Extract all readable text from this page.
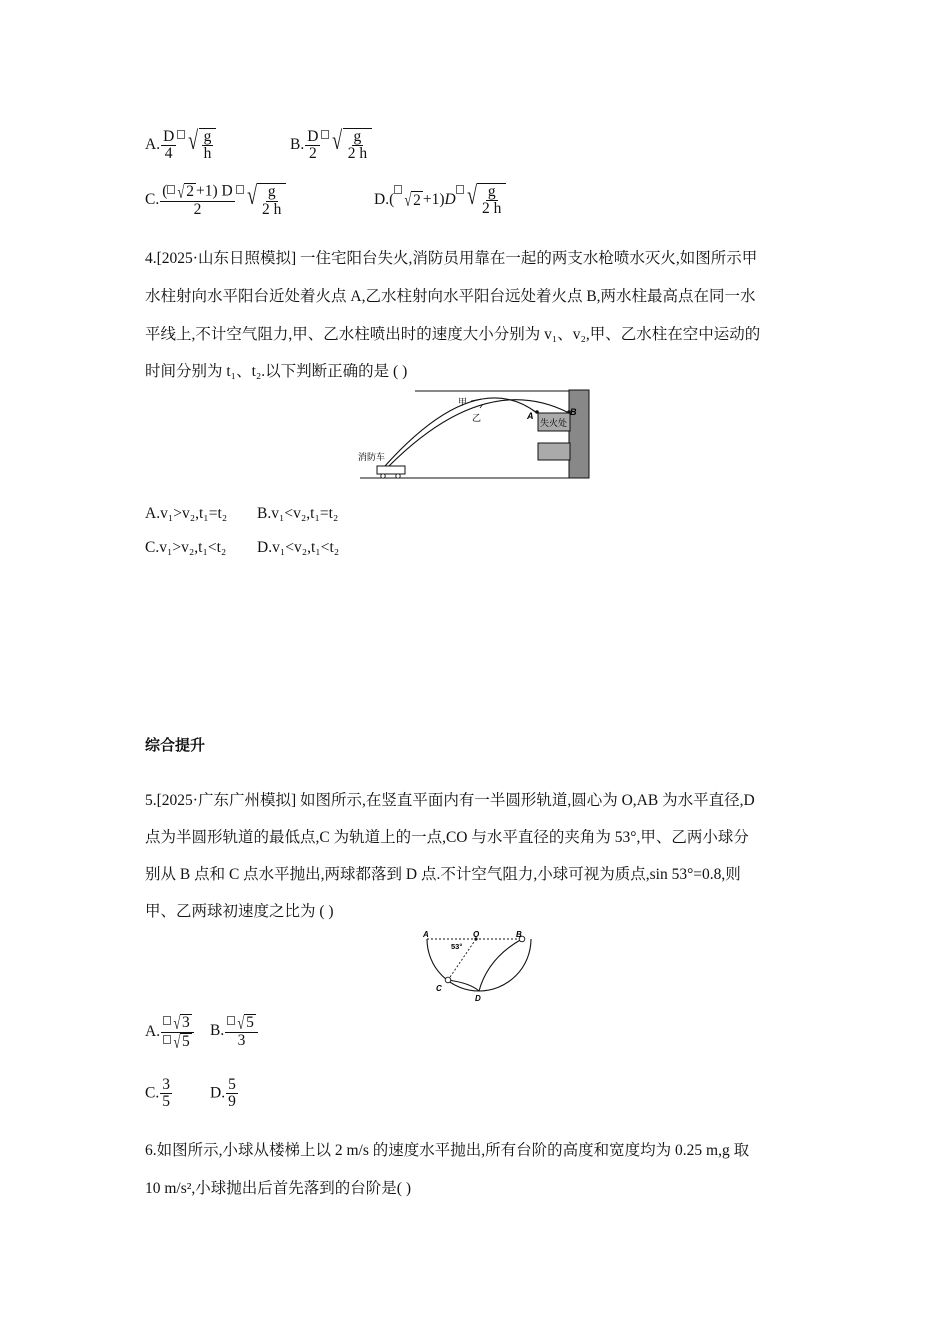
A. $\frac{D}{4}$ √ $\frac{g}{h}$	B. $\frac{D}{2}$ √ $\frac{g}{2 h}$
C. $\frac{( √ 2 +1) D}{2}$ √ $\frac{g}{2 h}$	D.( √ 2 +1)D √ $\frac{g}{2 h}$
4.[2025·山东日照模拟] 一住宅阳台失火,消防员用靠在一起的两支水枪喷水灭火,如图所示甲
水柱射向水平阳台近处着火点 A,乙水柱射向水平阳台远处着火点 B,两水柱最高点在同一水
平线上,不计空气阻力,甲、乙水柱喷出时的速度大小分别为 v₁、v₂,甲、乙水柱在空中运动的
时间分别为 t₁、t₂.以下判断正确的是 ( )
甲
乙	A	B
失火处
消防车
A.v₁>v₂,t₁=t₂ B.v₁<v₂,t₁=t₂
C.v₁>v₂,t₁<t₂ D.v₁<v₂,t₁<t₂
综合提升
5.[2025·广东广州模拟] 如图所示,在竖直平面内有一半圆形轨道,圆心为 O,AB 为水平直径,D
点为半圆形轨道的最低点,C 为轨道上的一点,CO 与水平直径的夹角为 53°,甲、乙两小球分
别从 B 点和 C 点水平抛出,两球都落到 D 点.不计空气阻力,小球可视为质点,sin 53°=0.8,则
甲、乙两球初速度之比为 ( )
A	O	B
C
D
53°
A. $\frac{√ 3}{√ 5} B$. $\frac{√ 5}{3}$
C. $\frac{3}{5} D$. $\frac{5}{9}$
6.如图所示,小球从楼梯上以 2 m/s 的速度水平抛出,所有台阶的高度和宽度均为 0.25 m,g 取
10 m/s²,小球抛出后首先落到的台阶是( )
